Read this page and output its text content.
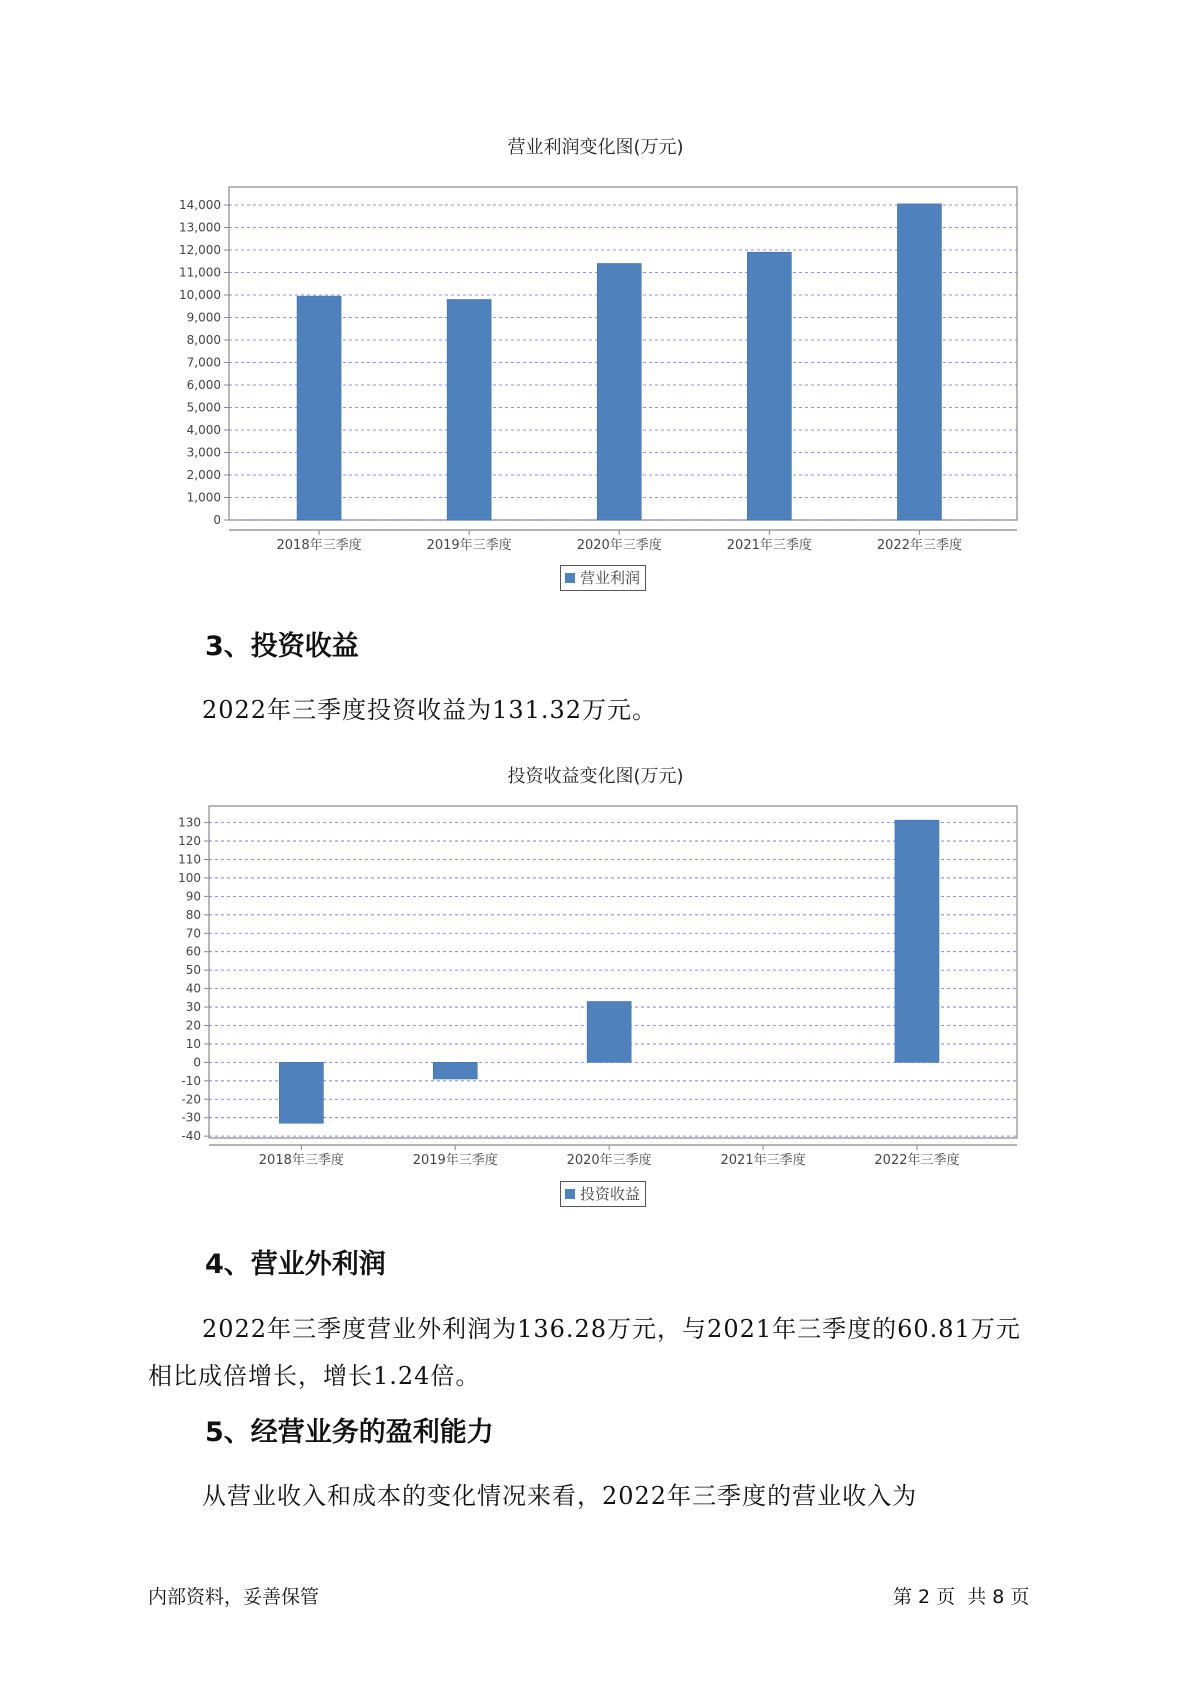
营业利润变化图(万元)
0
1,000
2,000
3,000
4,000
5,000
6,000
7,000
8,000
9,000
10,000
11,000
12,000
13,000
14,000
2018年三季度	2019年三季度	2020年三季度	2021年三季度	2022年三季度
营业利润
3、投资收益
2022年三季度投资收益为131.32万元。
投资收益变化图(万元)
-40
-30
-20
-10
0
10
20
30
40
50
60
70
80
90
100
110
120
130
2018年三季度	2019年三季度	2020年三季度	2021年三季度	2022年三季度
投资收益
4、营业外利润
2022年三季度营业外利润为136.28万元，与2021年三季度的60.81万元
相比成倍增长，增长1.24倍。
5、经营业务的盈利能力
从营业收入和成本的变化情况来看，2022年三季度的营业收入为
内部资料，妥善保管	第 2 页  共 8 页
